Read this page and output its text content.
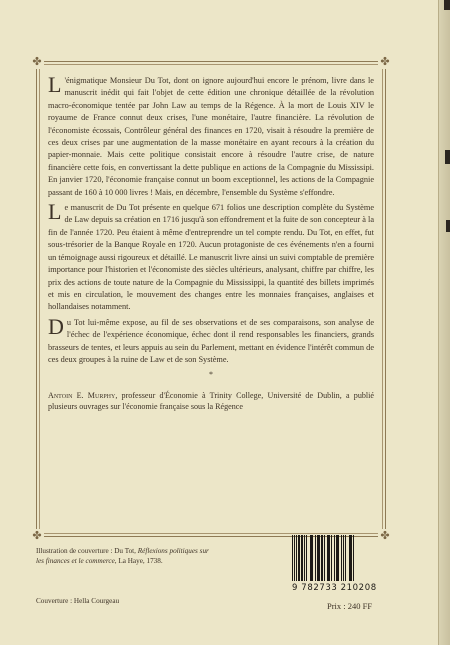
✤	✤
✤	✤

L 'énigmatique Monsieur Du Tot, dont on ignore aujourd'hui encore le prénom, livre dans le manuscrit inédit qui fait l'objet de cette édition une chronique détaillée de la révolution macro-économique tentée par John Law au temps de la Régence. À la mort de Louis XIV le royaume de France connut deux crises, l'une monétaire, l'autre financière. La révolution de l'économiste écossais, Contrôleur général des finances en 1720, visait à résoudre la première de ces deux crises par une augmentation de la masse monétaire en ayant recours à la création du papier-monnaie. Mais cette politique consistait encore à résoudre l'autre crise, de nature financière cette fois, en convertissant la dette publique en actions de la Compagnie du Mississipi. En janvier 1720, l'économie française connut un boom exceptionnel, les actions de la Compagnie passant de 160 à 10 000 livres ! Mais, en décembre, l'ensemble du Système s'effondre.

Le manuscrit de Du Tot présente en quelque 671 folios une description complète du Système de Law depuis sa création en 1716 jusqu'à son effondrement et la fuite de son concepteur à la fin de l'année 1720. Peu étaient à même d'entreprendre un tel compte rendu. Du Tot, en effet, fut sous-trésorier de la Banque Royale en 1720. Aucun protagoniste de ces événements n'en a fourni un témoignage aussi rigoureux et détaillé. Le manuscrit livre ainsi un suivi comptable de première importance pour l'historien et l'économiste des siècles ultérieurs, analysant, chiffre par chiffre, les prix des actions de toute nature de la Compagnie du Mississippi, la quantité des billets imprimés et mis en circulation, le mouvement des changes entre les monnaies françaises, anglaises et hollandaises notamment.

Du Tot lui-même expose, au fil de ses observations et de ses comparaisons, son analyse de l'échec de l'expérience économique, échec dont il rend responsables les financiers, grands brasseurs de tentes, et leurs appuis au sein du Parlement, mettant en évidence l'intérêt commun de ces deux groupes à la ruine de Law et de son Système.

*

Antoin E. Murphy, professeur d'Économie à Trinity College, Université de Dublin, a publié plusieurs ouvrages sur l'économie française sous la Régence

Illustration de couverture : Du Tot, Réflexions politiques sur les finances et le commerce, La Haye, 1738.
Couverture : Hella Courgeau
9 782733 210208
Prix : 240 FF
